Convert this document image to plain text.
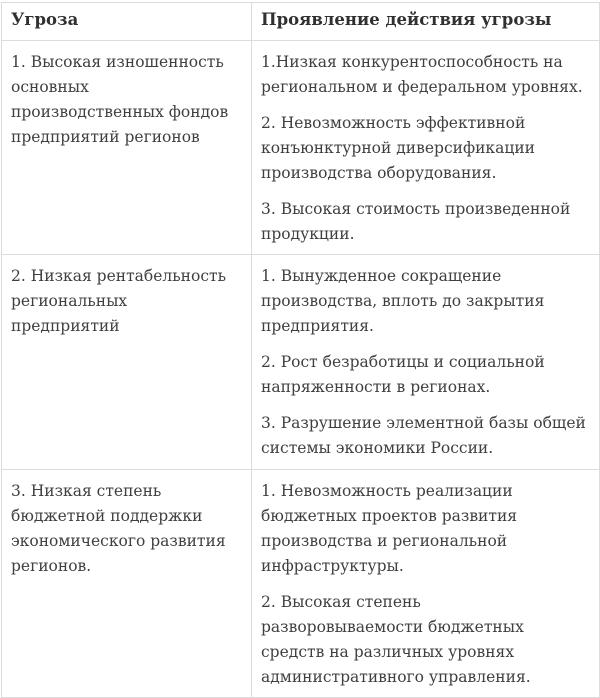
Угроза	Проявление действия угрозы

1. Высокая изношенность основных производственных фондов предприятий регионов	1.Низкая конкурентоспособность на региональном и федеральном уровнях.

2. Невозможность эффективной конъюнктурной диверсификации производства оборудования.

3. Высокая стоимость произведенной продукции.

2. Низкая рентабельность региональных предприятий	1. Вынужденное сокращение производства, вплоть до закрытия предприятия.

2. Рост безработицы и социальной напряженности в регионах.

3. Разрушение элементной базы общей системы экономики России.

3. Низкая степень бюджетной поддержки экономического развития регионов.	1. Невозможность реализации бюджетных проектов развития производства и региональной инфраструктуры.

2. Высокая степень разворовываемости бюджетных средств на различных уровнях административного управления.
